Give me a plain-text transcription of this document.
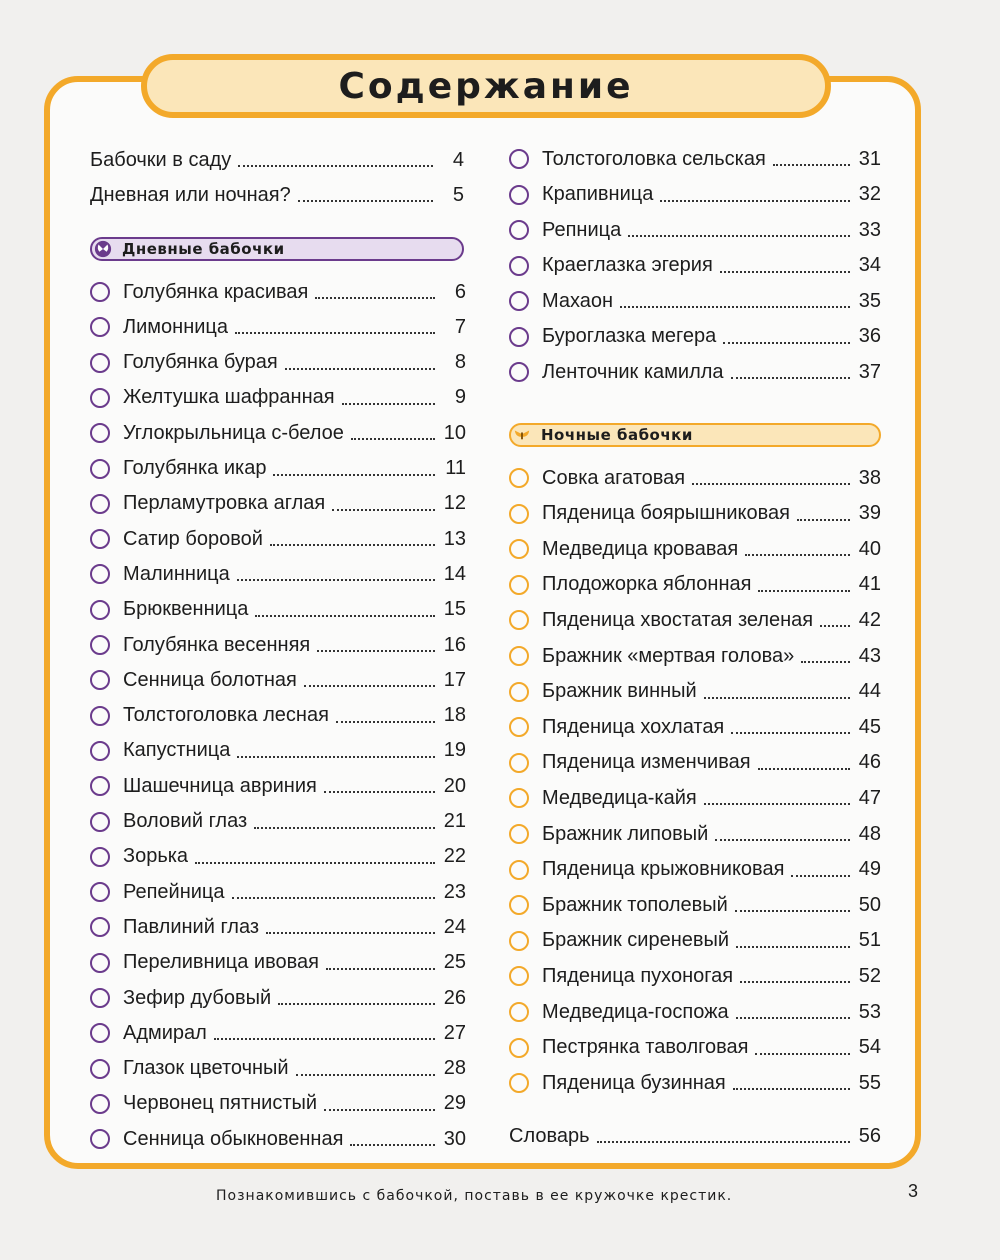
Содержание
Дневные бабочки
Бабочки в саду	4
Дневная или ночная?	5
Голубянка красивая	6
Лимонница	7
Голубянка бурая	8
Желтушка шафранная	9
Углокрыльница с-белое	10
Голубянка икар	11
Перламутровка аглая	12
Сатир боровой	13
Малинница	14
Брюквенница	15
Голубянка весенняя	16
Сенница болотная	17
Толстоголовка лесная	18
Капустница	19
Шашечница авриния	20
Воловий глаз	21
Зорька	22
Репейница	23
Павлиний глаз	24
Переливница ивовая	25
Зефир дубовый	26
Адмирал	27
Глазок цветочный	28
Червонец пятнистый	29
Сенница обыкновенная	30
Ночные бабочки
Толстоголовка сельская	31
Крапивница	32
Репница	33
Краеглазка эгерия	34
Махаон	35
Буроглазка мегера	36
Ленточник камилла	37
Совка агатовая	38
Пяденица боярышниковая	39
Медведица кровавая	40
Плодожорка яблонная	41
Пяденица хвостатая зеленая 42
Бражник «мертвая голова»	43
Бражник винный	44
Пяденица хохлатая	45
Пяденица изменчивая	46
Медведица-кайя	47
Бражник липовый	48
Пяденица крыжовниковая	49
Бражник тополевый	50
Бражник сиреневый	51
Пяденица пухоногая	52
Медведица-госпожа	53
Пестрянка таволговая	54
Пяденица бузинная	55
Словарь	56
Познакомившись с бабочкой, поставь в ее кружочке крестик.	3
